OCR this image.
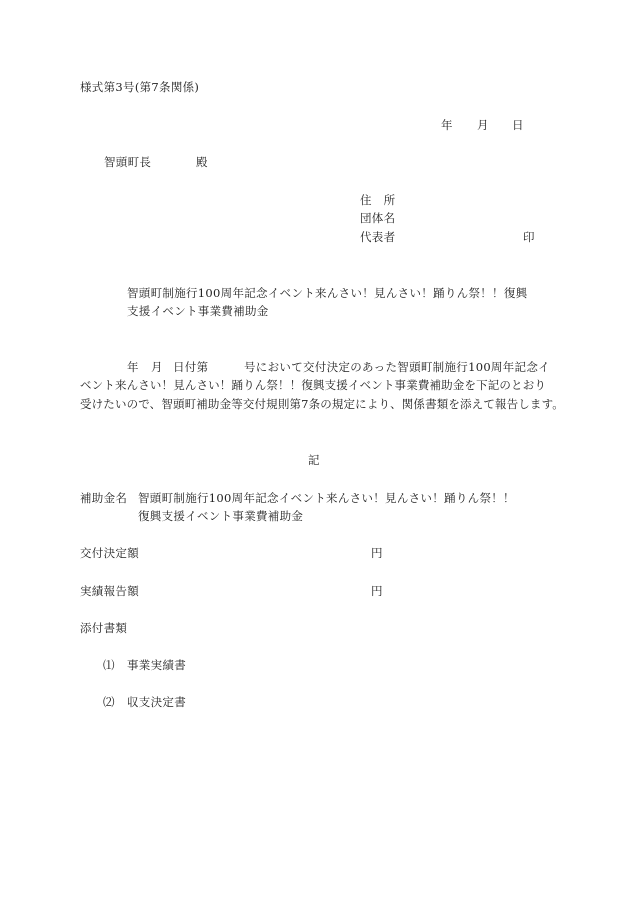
様式第3号(第7条関係)
年 月 日
智頭町長	殿
住　所
団体名
代表者	印
智頭町制施行100周年記念イベント来んさい！見んさい！踊りん祭！！復興
支援イベント事業費補助金
年 月 日付第	号において交付決定のあった智頭町制施行100周年記念イ
ベント来んさい！見んさい！踊りん祭！！復興支援イベント事業費補助金を下記のとおり
受けたいので、智頭町補助金等交付規則第7条の規定により、関係書類を添えて報告します。
記
補助金名 智頭町制施行100周年記念イベント来んさい！見んさい！踊りん祭！！
復興支援イベント事業費補助金
交付決定額	円
実績報告額	円
添付書類
⑴ 事業実績書
⑵ 収支決定書
